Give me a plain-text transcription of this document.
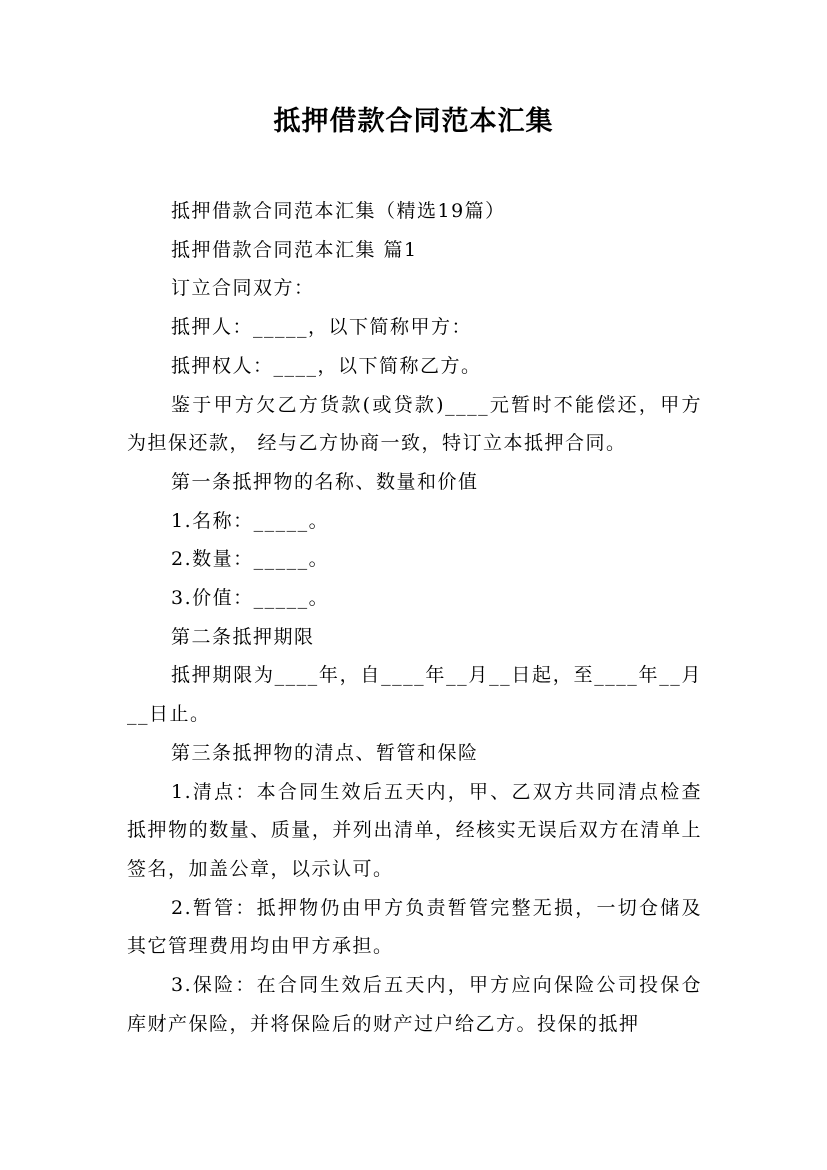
抵押借款合同范本汇集

抵押借款合同范本汇集（精选19篇）

抵押借款合同范本汇集 篇1

订立合同双方：

抵押人：_____，以下简称甲方：

抵押权人：____，以下简称乙方。

鉴于甲方欠乙方货款(或贷款)____元暂时不能偿还，甲方为担保还款， 经与乙方协商一致，特订立本抵押合同。

第一条抵押物的名称、数量和价值

1.名称：_____。

2.数量：_____。

3.价值：_____。

第二条抵押期限

抵押期限为____年，自____年__月__日起，至____年__月 __日止。

第三条抵押物的清点、暂管和保险

1.清点：本合同生效后五天内，甲、乙双方共同清点检查抵押物的数量、质量，并列出清单，经核实无误后双方在清单上签名，加盖公章，以示认可。

2.暂管：抵押物仍由甲方负责暂管完整无损，一切仓储及其它管理费用均由甲方承担。

3.保险：在合同生效后五天内，甲方应向保险公司投保仓库财产保险，并将保险后的财产过户给乙方。投保的抵押
